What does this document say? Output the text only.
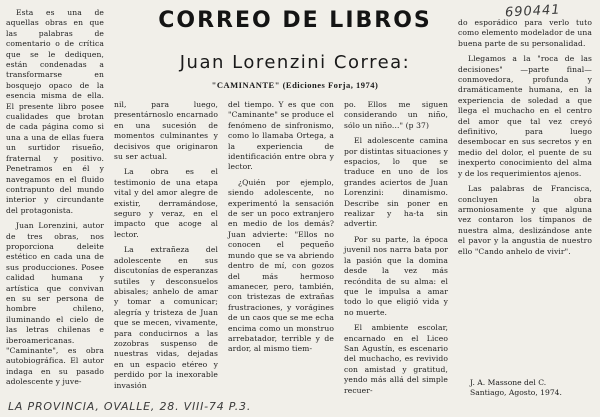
690441
CORREO DE LIBROS
Juan Lorenzini Correa:
"CAMINANTE" (Ediciones Forja, 1974)

Esta es una de aquellas obras en que las palabras de comentario o de crítica que se le dediquen, están condenadas a transformarse en bosquejo opaco de la esencia misma de ella. El presente libro posee cualidades que brotan de cada página como si una a una de ellas fuera un surtidor risueño, fraternal y positivo. Penetramos en él y navegamos en el fluido contrapunto del mundo interior y circundante del protagonista.

Juan Lorenzini, autor de tres obras, nos proporciona deleite estético en cada una de sus producciones. Posee calidad humana y artística que convivan en su ser persona de hombre chileno, iluminando el cielo de las letras chilenas e iberoamericanas. "Caminante", es obra autobiográfica. El autor indaga en su pasado adolescente y juve-

nil, para luego, presentárnoslo encarnado en una sucesión de momentos culminantes y decisivos que originaron su ser actual.

La obra es el testimonio de una etapa vital y del amor alegre de existir, derramándose, seguro y veraz, en el impacto que acoge al lector.

La extrañeza del adolescente en sus discutonías de esperanzas sutiles y desconsuelos abisales; anhelo de amar y tomar a comunicar; alegría y tristeza de Juan que se mecen, vivamente, para conducirnos a las zozobras suspenso de nuestras vidas, dejadas en un espacio etéreo y perdido por la inexorable invasión

del tiempo. Y es que con "Caminante" se produce el fenómeno de sinfronismo, como lo llamaba Ortega, a la experiencia de identificación entre obra y lector.

¿Quién por ejemplo, siendo adolescente, no experimentó la sensación de ser un poco extranjero en medio de los demás? Juan advierte: "Ellos no conocen el pequeño mundo que se va abriendo dentro de mí, con gozos del más hermoso amanecer, pero, también, con tristezas de extrañas frustraciones, y vorágines de un caos que se me echa encima como un monstruo arrebatador, terrible y de ardor, al mismo tiem-

po. Ellos me siguen considerando un niño, sólo un niño..." (p 37)

El adolescente camina por distintas situaciones y espacios, lo que se traduce en uno de los grandes aciertos de Juan Lorenzini: dinamismo. Describe sin poner en realizar y ha-ta sin advertir.

Por su parte, la época juvenil nos narra bata por la pasión que la domina desde la vez más recóndita de su alma: el que le impulsa a amar todo lo que eligió vida y no muerte.

El ambiente escolar, encarnado en el Liceo San Agustín, es escenario del muchacho, es revivido con amistad y gratitud, yendo más allá del simple recuer-

do esporádico para verlo tuto como elemento modelador de una buena parte de su personalidad.

Llegamos a la "roca de las decisiones" —parte final— conmovedora, profunda y dramáticamente humana, en la experiencia de soledad a que llega el muchacho en el centro del amor que tal vez creyó definitivo, para luego desembocar en sus secretos y en medio del dolor, el puente de su inexperto conocimiento del alma y de los requerimientos ajenos.

Las palabras de Francisca, concluyen la obra armoniosamente y que alguna vez contaron los tímpanos de nuestra alma, deslizándose ante el pavor y la angustia de nuestro ello "Cando anhelo de vivir".

J. A. Massone del C.
Santiago, Agosto, 1974.
LA PROVINCIA, OVALLE, 28. VIII-74 P.3.
